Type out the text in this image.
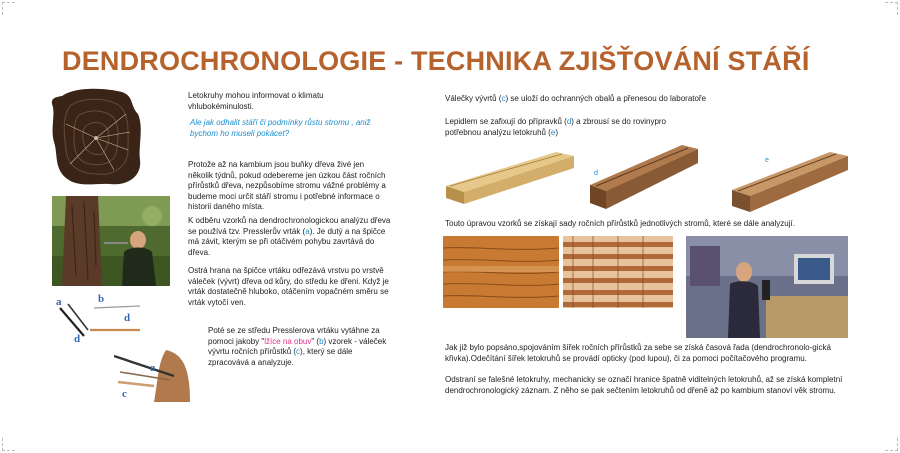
DENDROCHRONOLOGIE - TECHNIKA ZJIŠŤOVÁNÍ STÁŘÍ
a	b
d
d
a
c
Letokruhy mohou informovat o klimatu vhlubokéminulosti.
Ale jak odhalit stáří či podmínky růstu stromu , aniž bychom ho museli pokácet?
Protože až na kambium jsou buňky dřeva živé jen několik týdnů, pokud odebereme jen úzkou část ročních přírůstků dřeva, nezpůsobíme stromu vážné problémy a budeme moci určit stáří stromu i potřebné informace o historii daného místa.
K odběru vzorků na dendrochronologickou analýzu dřeva se používá tzv. Presslerův vrták (a). Je dutý a na špičce má závit, kterým se při otáčivém pohybu zavrtává do dřeva.
Ostrá hrana na špičce vrtáku odřezává vrstvu po vrstvě váleček (vývrt) dřeva od kůry, do středu ke dřeni. Když je vrták dostatečně hluboko, otáčením vopačném směru se vrták vytočí ven.
Poté se ze středu Presslerova vrtáku vytáhne za pomoci jakoby "lžíce na obuv" (b) vzorek - váleček vývrtu ročních přírůstků (c), který se dále zpracovává a analyzuje.
Válečky vývrtů (c) se uloží do ochranných obalů a přenesou do laboratoře
Lepidlem se zafixují do přípravků (d) a zbrousí se do rovinypro potřebnou analýzu letokruhů (e)
d
e
Touto úpravou vzorků se získají sady ročních přírůstků jednotlivých stromů, které se dále analyzují.
Jak již bylo popsáno,spojováním šířek ročních přírůstků za sebe se získá časová řada (dendrochronolo-gická křivka).Odečítání šířek letokruhů se provádí opticky (pod lupou), či za pomoci počítačového programu.
Odstraní se falešné letokruhy, mechanicky se označí hranice špatně viditelných letokruhů, až se získá kompletní dendrochronologický záznam. Z něho se pak sečtením letokruhů od dřeně až po kambium stanoví věk stromu.
